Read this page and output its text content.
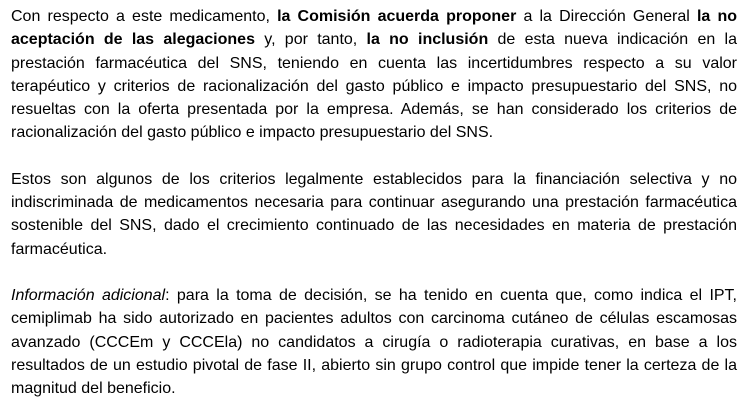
Con respecto a este medicamento, la Comisión acuerda proponer a la Dirección General la no aceptación de las alegaciones y, por tanto, la no inclusión de esta nueva indicación en la prestación farmacéutica del SNS, teniendo en cuenta las incertidumbres respecto a su valor terapéutico y criterios de racionalización del gasto público e impacto presupuestario del SNS, no resueltas con la oferta presentada por la empresa. Además, se han considerado los criterios de racionalización del gasto público e impacto presupuestario del SNS.

Estos son algunos de los criterios legalmente establecidos para la financiación selectiva y no indiscriminada de medicamentos necesaria para continuar asegurando una prestación farmacéutica sostenible del SNS, dado el crecimiento continuado de las necesidades en materia de prestación farmacéutica.

Información adicional: para la toma de decisión, se ha tenido en cuenta que, como indica el IPT, cemiplimab ha sido autorizado en pacientes adultos con carcinoma cutáneo de células escamosas avanzado (CCCEm y CCCEla) no candidatos a cirugía o radioterapia curativas, en base a los resultados de un estudio pivotal de fase II, abierto sin grupo control que impide tener la certeza de la magnitud del beneficio.
